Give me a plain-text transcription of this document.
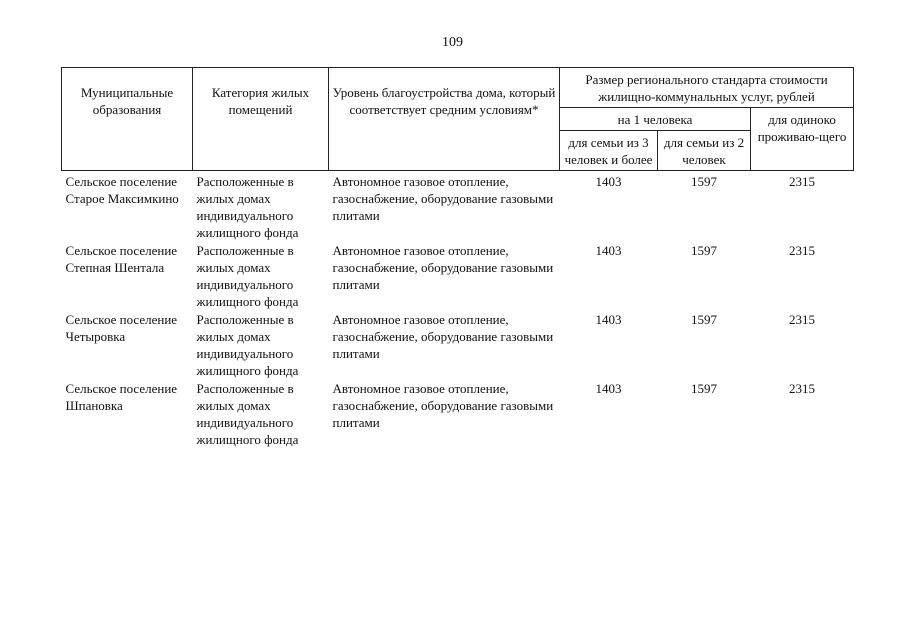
109
Муниципальные образования	Категория жилых помещений	Уровень благоустройства дома, который соответствует средним условиям*	Размер регионального стандарта стоимости жилищно-коммунальных услуг, рублей		
			на 1 человека		для одиноко проживаю-щего
			для семьи из 3 человек и более	для семьи из 2 человек	
Сельское поселение Старое Максимкино	Расположенные в жилых домах индивидуального жилищного фонда	Автономное газовое отопление, газоснабжение, оборудование газовыми плитами	1403	1597	2315
Сельское поселение Степная Шентала	Расположенные в жилых домах индивидуального жилищного фонда	Автономное газовое отопление, газоснабжение, оборудование газовыми плитами	1403	1597	2315
Сельское поселение Четыровка	Расположенные в жилых домах индивидуального жилищного фонда	Автономное газовое отопление, газоснабжение, оборудование газовыми плитами	1403	1597	2315
Сельское поселение Шпановка	Расположенные в жилых домах индивидуального жилищного фонда	Автономное газовое отопление, газоснабжение, оборудование газовыми плитами	1403	1597	2315
